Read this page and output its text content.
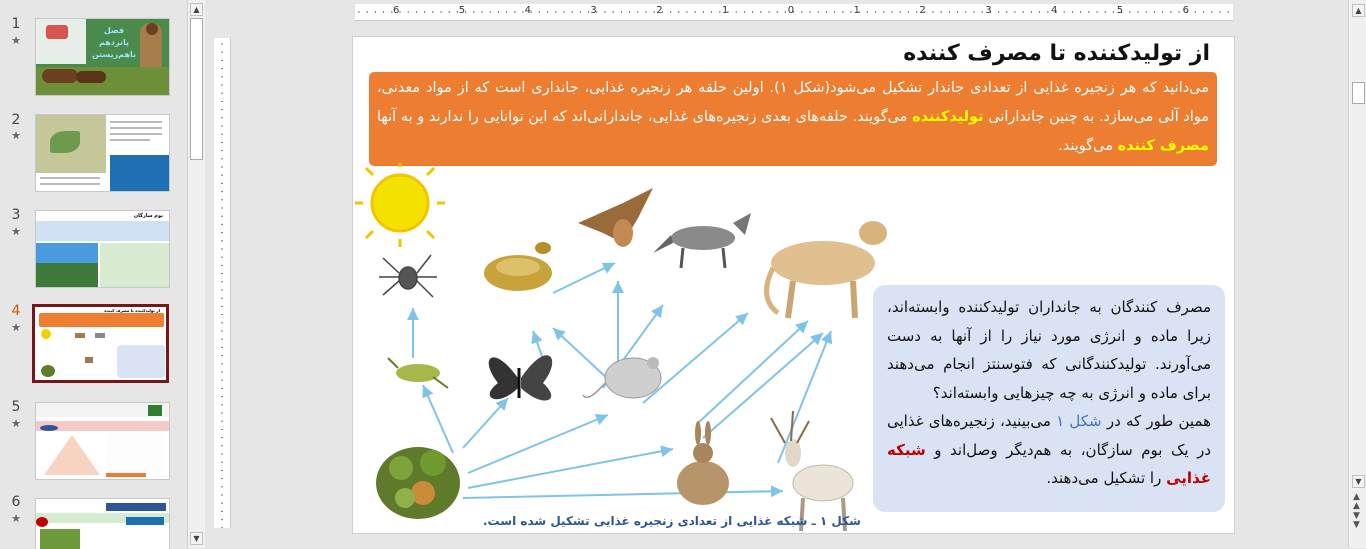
1
★
فصل پانزدهم
باهم‌زیستن
2
★
3
★
بوم سازگان
4
★
از تولیدکننده تا مصرف کننده
5
★
6
★
▲
▼
6	5	4	3	2	1	0	1	2	3	4	5	6
از تولیدکننده تا مصرف کننده
می‌دانید که هر زنجیره غذایی از تعدادی جاندار تشکیل می‌شود(شکل ۱). اولین حلقه هر زنجیره غذایی، جانداری است که از مواد معدنی، مواد آلی می‌سازد. به چنین جاندارانی تولیدکننده می‌گویند. حلقه‌های بعدی زنجیره‌های غذایی، جاندارانی‌اند که این توانایی را ندارند و به آنها مصرف کننده می‌گویند.
مصرف کنندگان به جانداران تولیدکننده وابسته‌اند، زیرا ماده و انرژی مورد نیاز را از آنها به دست می‌آورند. تولیدکنندگانی که فتوسنتز انجام می‌دهند برای ماده و انرژی به چه چیزهایی وابسته‌اند؟
همین طور که در شکل ۱ می‌بینید، زنجیره‌های غذایی در یک بوم سازگان، به هم‌دیگر وصل‌اند و شبکه غذایی را تشکیل می‌دهند.
شکل ۱ ـ شبکه غذایی از تعدادی زنجیره غذایی تشکیل شده است.
▲
▼
▲
▲
▼
▼
